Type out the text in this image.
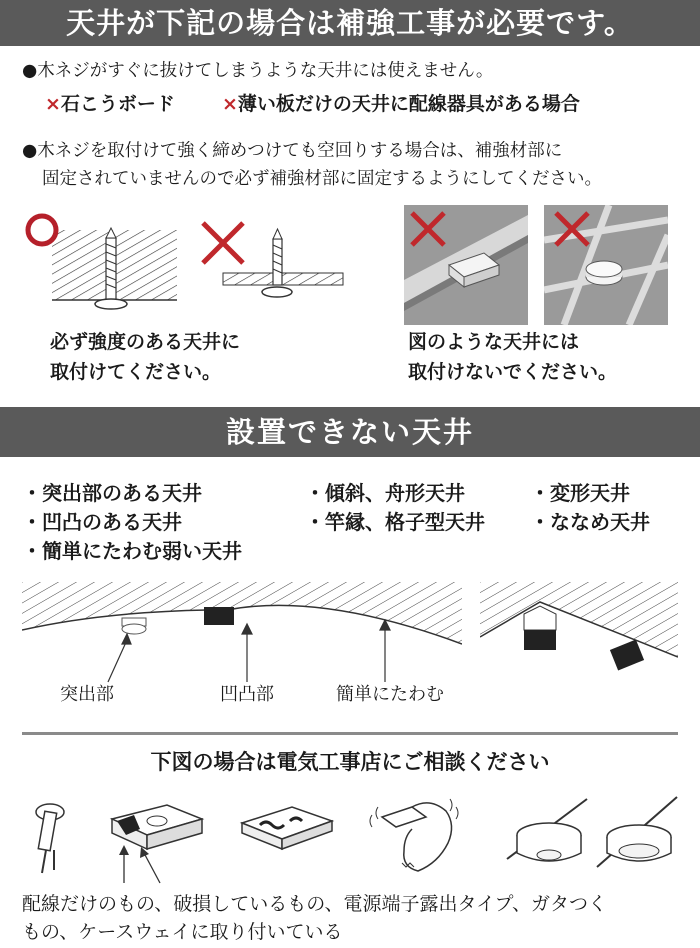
天井が下記の場合は補強工事が必要です。
●木ネジがすぐに抜けてしまうような天井には使えません。
×石こうボード ×薄い板だけの天井に配線器具がある場合
●木ネジを取付けて強く締めつけても空回りする場合は、補強材部に
固定されていませんので必ず補強材部に固定するようにしてください。
必ず強度のある天井に
取付けてください。
図のような天井には
取付けないでください。
設置できない天井
・突出部のある天井
・凹凸のある天井
・簡単にたわむ弱い天井
・傾斜、舟形天井
・竿縁、格子型天井
・変形天井
・ななめ天井
突出部	凹凸部	簡単にたわむ
下図の場合は電気工事店にご相談ください
配線だけのもの、破損しているもの、電源端子露出タイプ、ガタつく
もの、ケースウェイに取り付いている
